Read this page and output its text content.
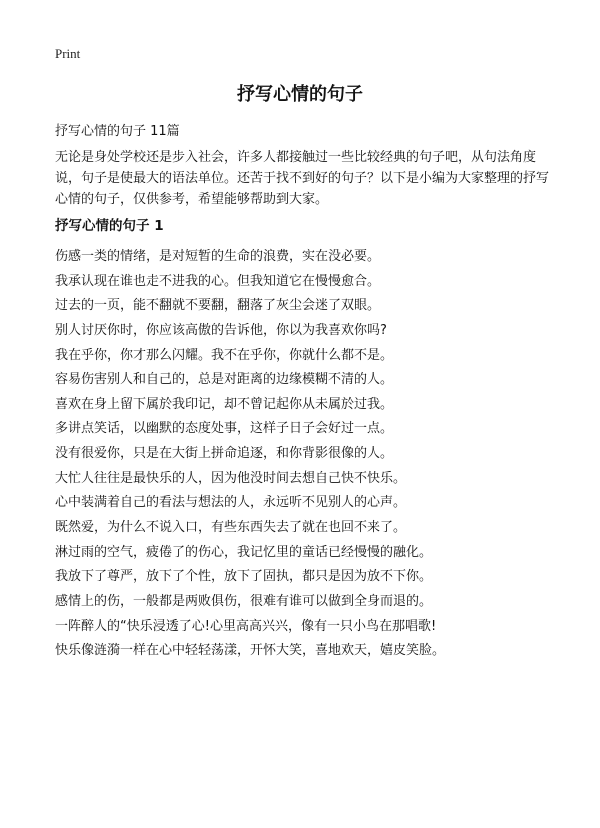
Print
抒写心情的句子
抒写心情的句子 11篇
无论是身处学校还是步入社会，许多人都接触过一些比较经典的句子吧，从句法角度说，句子是使最大的语法单位。还苦于找不到好的句子？以下是小编为大家整理的抒写心情的句子，仅供参考，希望能够帮助到大家。
抒写心情的句子 1
伤感一类的情绪，是对短暂的生命的浪费，实在没必要。
我承认现在谁也走不进我的心。但我知道它在慢慢愈合。
过去的一页，能不翻就不要翻，翻落了灰尘会迷了双眼。
别人讨厌你时，你应该高傲的告诉他，你以为我喜欢你吗?
我在乎你，你才那么闪耀。我不在乎你，你就什么都不是。
容易伤害别人和自己的，总是对距离的边缘模糊不清的人。
喜欢在身上留下属於我印记，却不曾记起你从未属於过我。
多讲点笑话，以幽默的态度处事，这样子日子会好过一点。
没有很爱你，只是在大街上拼命追逐，和你背影很像的人。
大忙人往往是最快乐的人，因为他没时间去想自己快不快乐。
心中装满着自己的看法与想法的人，永远听不见别人的心声。
既然爱，为什么不说入口，有些东西失去了就在也回不来了。
淋过雨的空气，疲倦了的伤心，我记忆里的童话已经慢慢的融化。
我放下了尊严，放下了个性，放下了固执，都只是因为放不下你。
感情上的伤，一般都是两败俱伤，很难有谁可以做到全身而退的。
一阵醉人的“快乐浸透了心!心里高高兴兴，像有一只小鸟在那唱歌!
快乐像涟漪一样在心中轻轻荡漾，开怀大笑，喜地欢天，嬉皮笑脸。
